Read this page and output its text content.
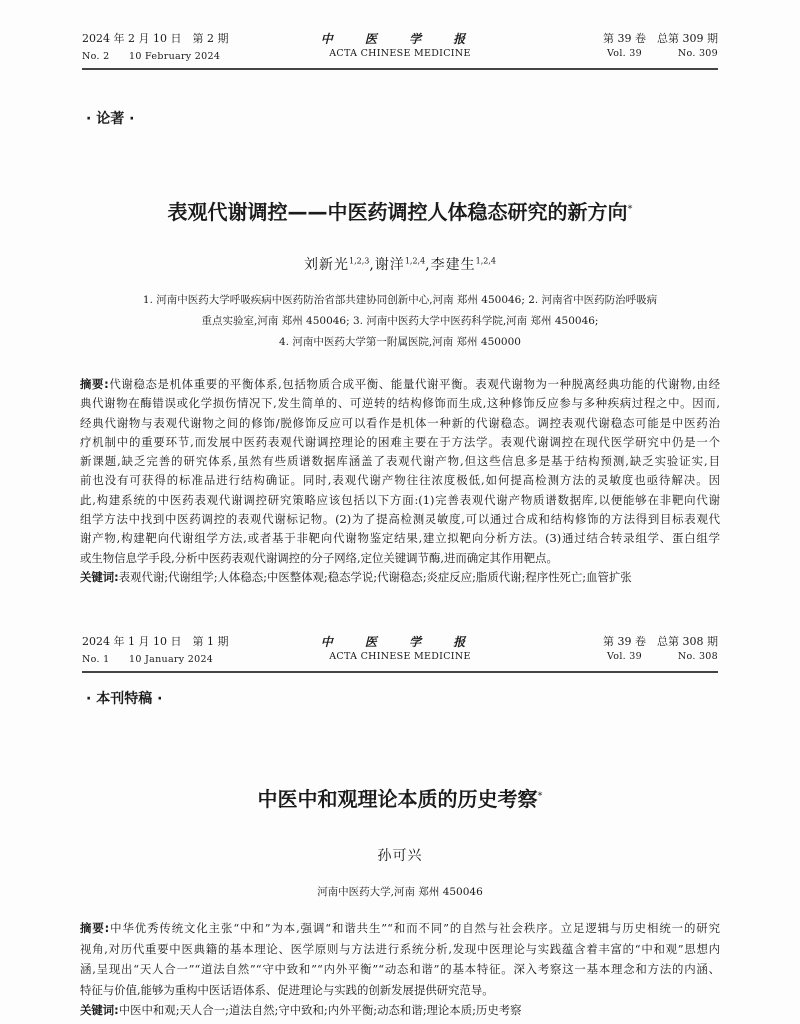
2024 年 2 月 10 日　第 2 期	中 医 学 报	第 39 卷　总第 309 期
No. 2　　10 February 2024	ACTA CHINESE MEDICINE	Vol. 39	No. 309
· 论著 ·
表观代谢调控——中医药调控人体稳态研究的新方向*
刘新光$^{1,2,3}$,谢洋$^{1,2,4}$,李建生$^{1,2,4}$
1. 河南中医药大学呼吸疾病中医药防治省部共建协同创新中心,河南 郑州 450046; 2. 河南省中医药防治呼吸病
重点实验室,河南 郑州 450046; 3. 河南中医药大学中医药科学院,河南 郑州 450046;
4. 河南中医药大学第一附属医院,河南 郑州 450000
摘要:代谢稳态是机体重要的平衡体系,包括物质合成平衡、能量代谢平衡。表观代谢物为一种脱离经典功能的代谢物,由经
典代谢物在酶错误或化学损伤情况下,发生简单的、可逆转的结构修饰而生成,这种修饰反应参与多种疾病过程之中。因而,
经典代谢物与表观代谢物之间的修饰/脱修饰反应可以看作是机体一种新的代谢稳态。调控表观代谢稳态可能是中医药治
疗机制中的重要环节,而发展中医药表观代谢调控理论的困难主要在于方法学。表观代谢调控在现代医学研究中仍是一个
新课题,缺乏完善的研究体系,虽然有些质谱数据库涵盖了表观代谢产物,但这些信息多是基于结构预测,缺乏实验证实,目
前也没有可获得的标准品进行结构确证。同时,表观代谢产物往往浓度极低,如何提高检测方法的灵敏度也亟待解决。因
此,构建系统的中医药表观代谢调控研究策略应该包括以下方面:(1)完善表观代谢产物质谱数据库,以便能够在非靶向代谢
组学方法中找到中医药调控的表观代谢标记物。(2)为了提高检测灵敏度,可以通过合成和结构修饰的方法得到目标表观代
谢产物,构建靶向代谢组学方法,或者基于非靶向代谢物鉴定结果,建立拟靶向分析方法。(3)通过结合转录组学、蛋白组学
或生物信息学手段,分析中医药表观代谢调控的分子网络,定位关键调节酶,进而确定其作用靶点。
关键词:表观代谢;代谢组学;人体稳态;中医整体观;稳态学说;代谢稳态;炎症反应;脂质代谢;程序性死亡;血管扩张
2024 年 1 月 10 日　第 1 期	中 医 学 报	第 39 卷　总第 308 期
No. 1　　10 January 2024	ACTA CHINESE MEDICINE	Vol. 39	No. 308
· 本刊特稿 ·
中医中和观理论本质的历史考察*
孙可兴
河南中医药大学,河南 郑州 450046
摘要:中华优秀传统文化主张“中和”为本,强调“和谐共生”“和而不同”的自然与社会秩序。立足逻辑与历史相统一的研究
视角,对历代重要中医典籍的基本理论、医学原则与方法进行系统分析,发现中医理论与实践蕴含着丰富的“中和观”思想内
涵,呈现出“天人合一”“道法自然”“守中致和”“内外平衡”“动态和谐”的基本特征。深入考察这一基本理念和方法的内涵、
特征与价值,能够为重构中医话语体系、促进理论与实践的创新发展提供研究范导。
关键词:中医中和观;天人合一;道法自然;守中致和;内外平衡;动态和谐;理论本质;历史考察
